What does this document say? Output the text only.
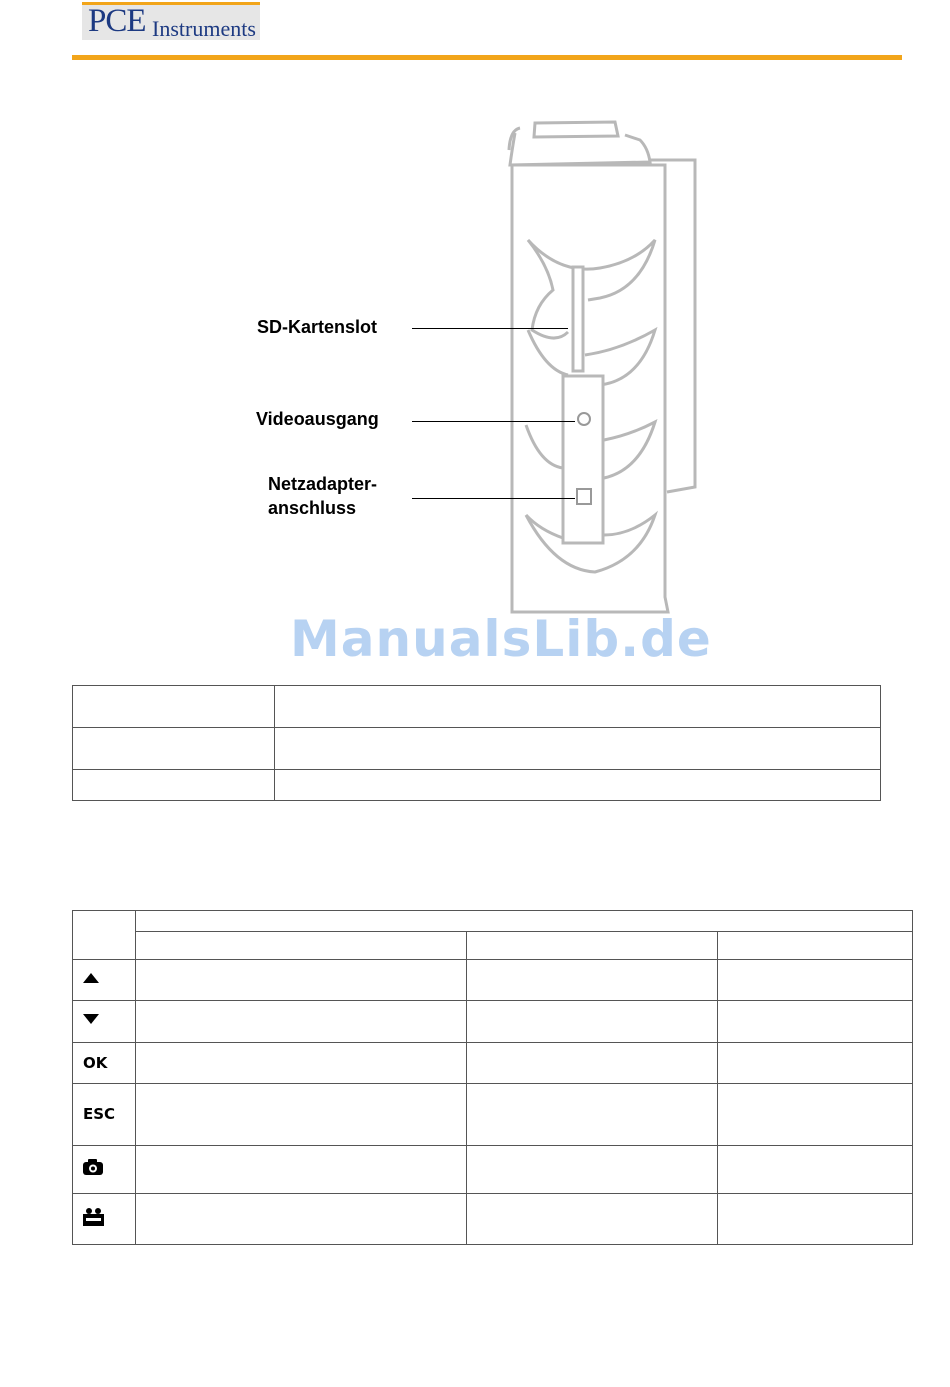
PCE Instruments
SD-Kartenslot
Videoausgang
Netzadapter-
anschluss
ManualsLib.de

OK			
ESC			
